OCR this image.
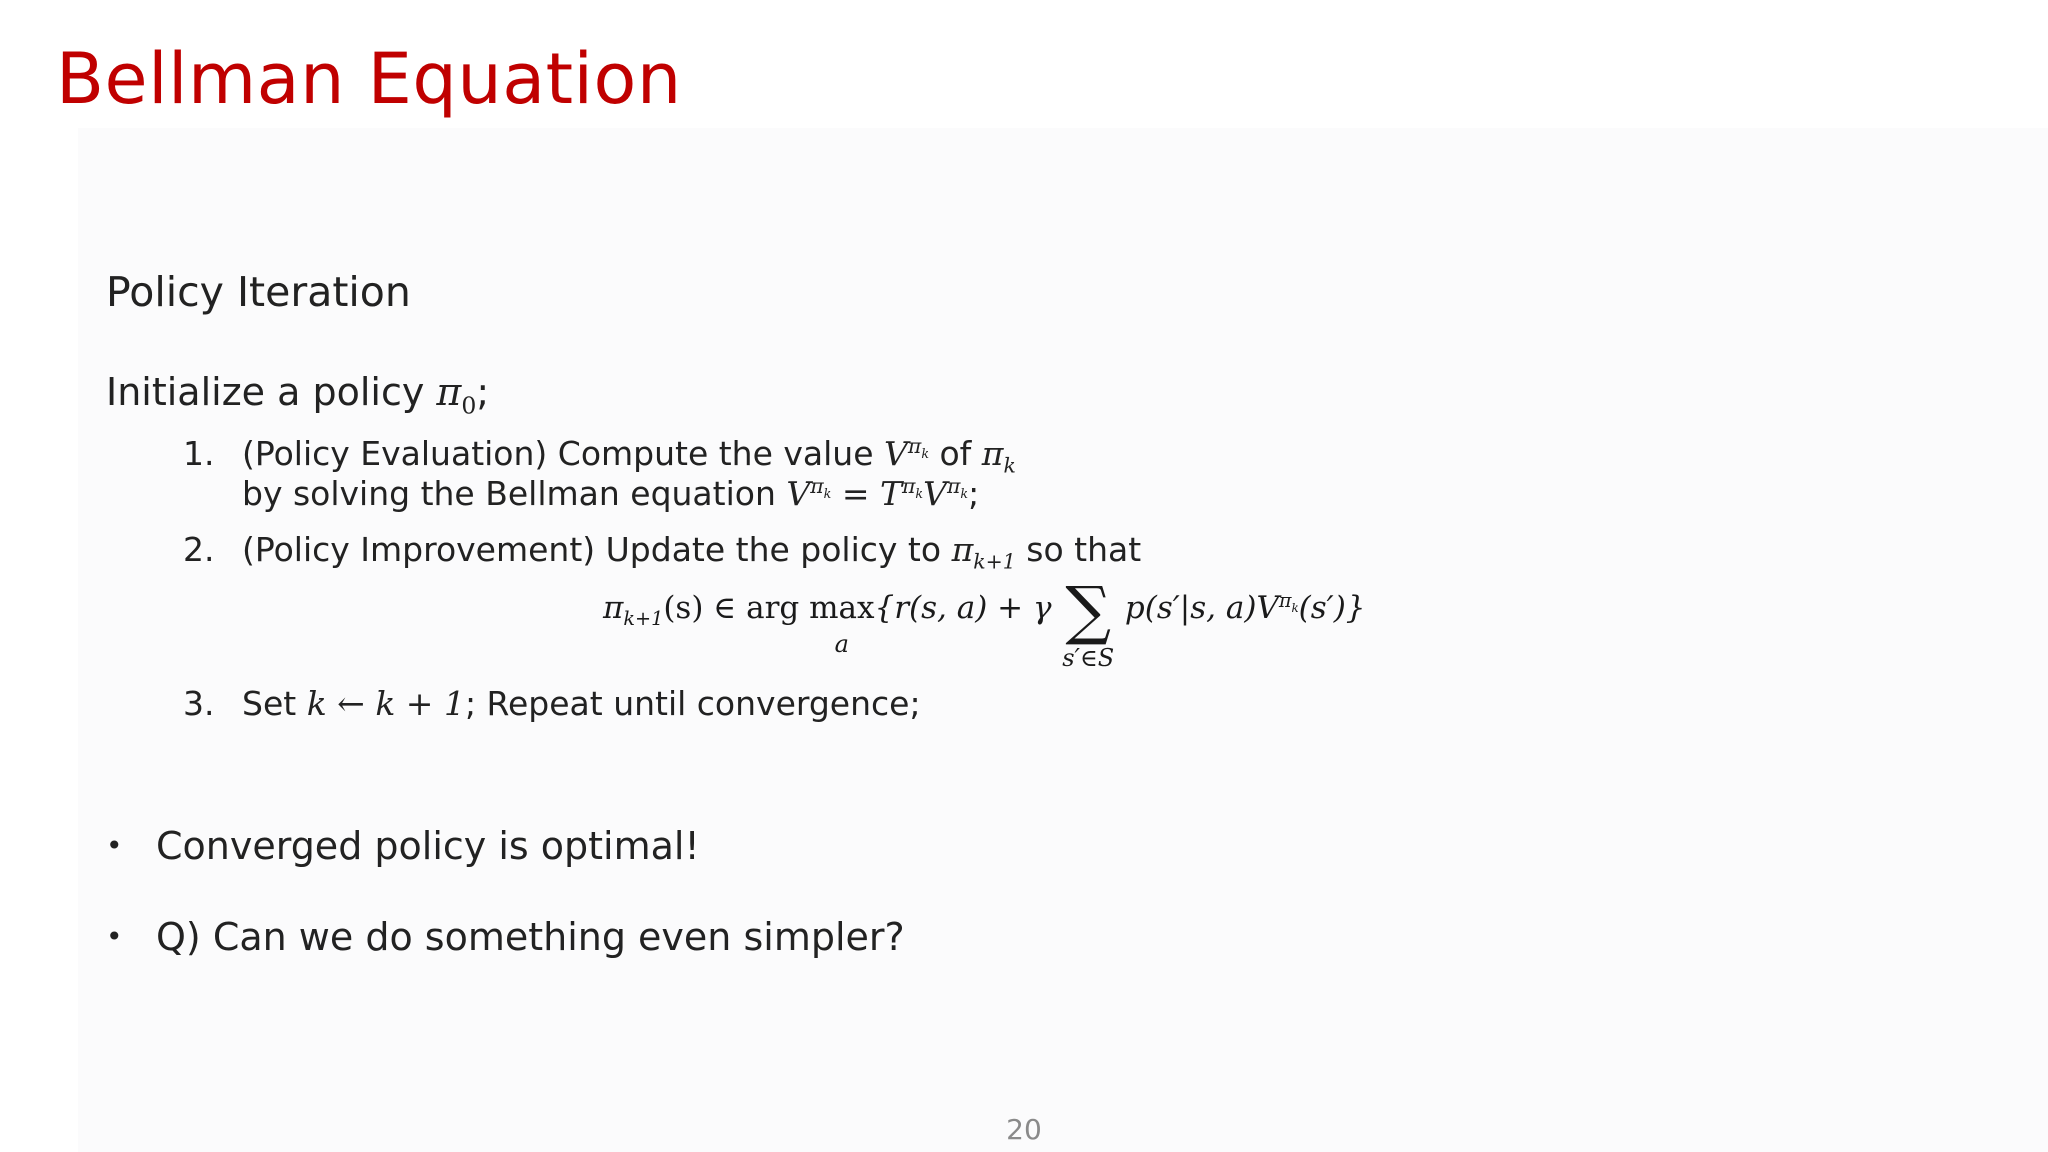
Bellman Equation
Policy Iteration
Initialize a policy $\pi_0$;
1. (Policy Evaluation) Compute the value $V^{\pi_k}$ of $\pi_k$
by solving the Bellman equation $V^{\pi_k} = T^{\pi_k}V^{\pi_k}$;
2. (Policy Improvement) Update the policy to $\pi_{k+1}$ so that
$\pi_{k+1}(s)$ ∈ arg max
a
{r(s, a) + γ ∑
s′∈S
p(s′|s, $a)V^{\pi_k}(s')$}
3. Set k ← k + 1; Repeat until convergence;
• Converged policy is optimal!
• Q) Can we do something even simpler?
20
